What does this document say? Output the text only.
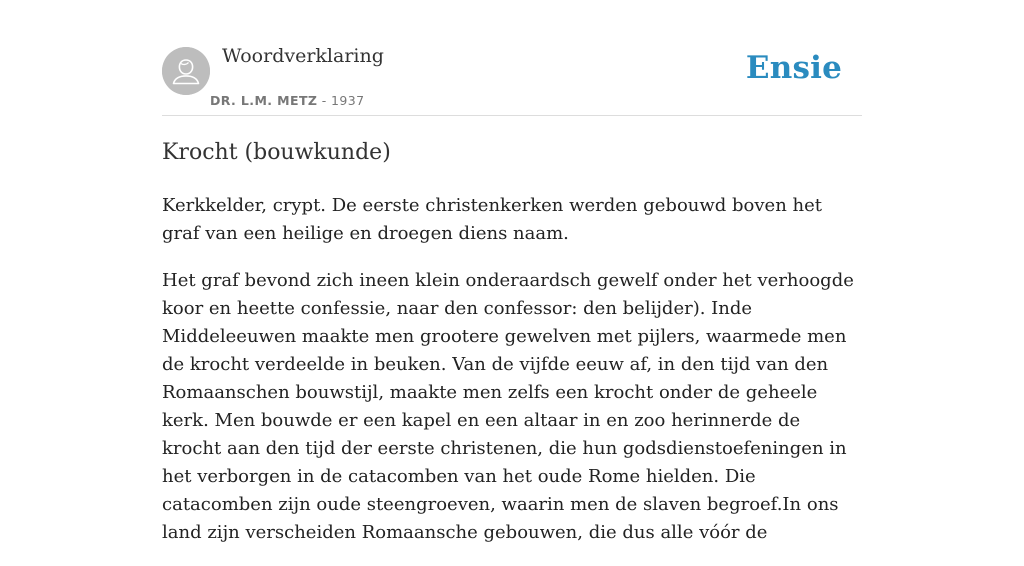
Woordverklaring
DR. L.M. METZ - 1937
Ensie
Krocht (bouwkunde)

Kerkkelder, crypt. De eerste christenkerken werden gebouwd boven het graf van een heilige en droegen diens naam.

Het graf bevond zich ineen klein onderaardsch gewelf onder het verhoogde koor en heette confessie, naar den confessor: den belijder). Inde Middeleeuwen maakte men grootere gewelven met pijlers, waarmede men de krocht verdeelde in beuken. Van de vijfde eeuw af, in den tijd van den Romaanschen bouwstijl, maakte men zelfs een krocht onder de geheele kerk. Men bouwde er een kapel en een altaar in en zoo herinnerde de krocht aan den tijd der eerste christenen, die hun godsdienstoefeningen in het verborgen in de catacomben van het oude Rome hielden. Die catacomben zijn oude steengroeven, waarin men de slaven begroef.In ons land zijn verscheiden Romaansche gebouwen, die dus alle vóór de
